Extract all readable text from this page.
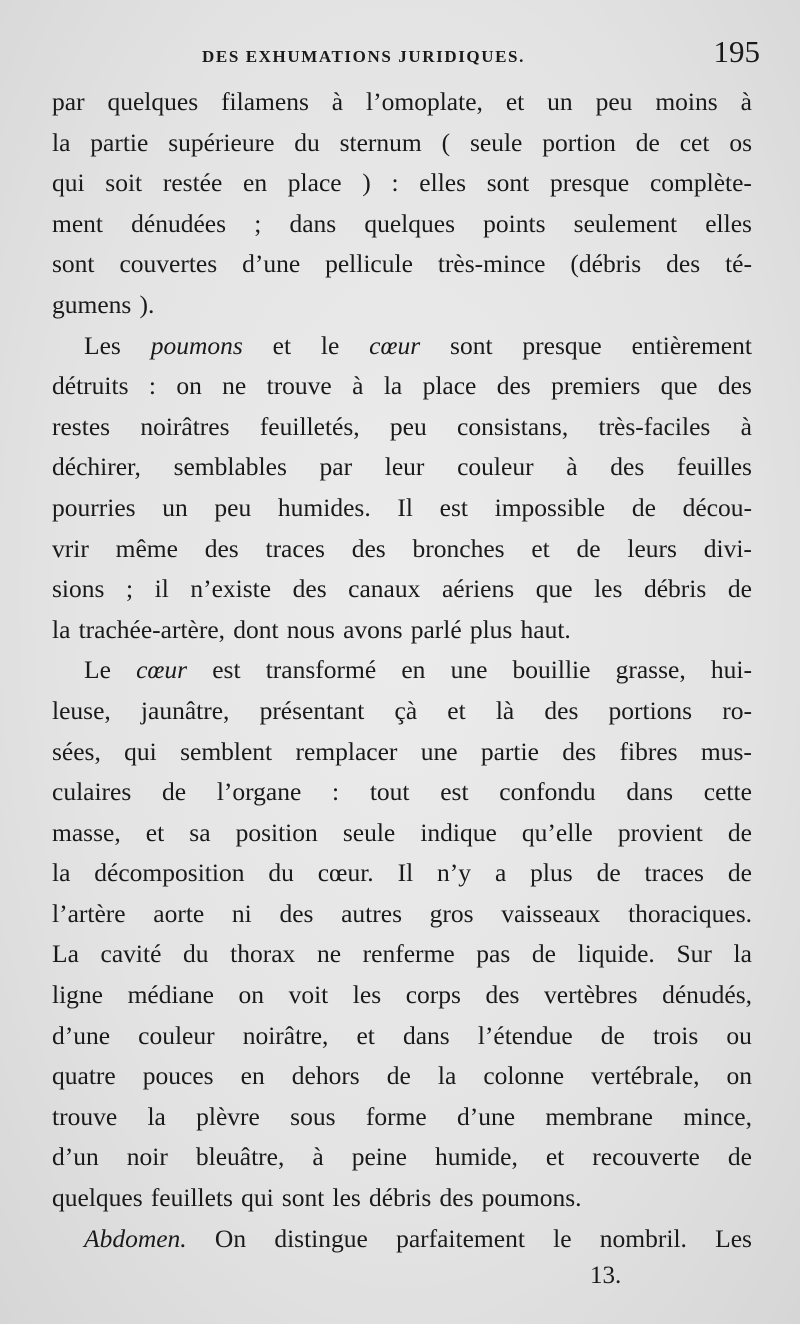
DES EXHUMATIONS JURIDIQUES.	195
par quelques filamens à l’omoplate, et un peu moins à
la partie supérieure du sternum ( seule portion de cet os
qui soit restée en place ) : elles sont presque complète-
ment dénudées ; dans quelques points seulement elles
sont couvertes d’une pellicule très-mince (débris des té-
gumens ).
Les poumons et le cœur sont presque entièrement
détruits : on ne trouve à la place des premiers que des
restes noirâtres feuilletés, peu consistans, très-faciles à
déchirer, semblables par leur couleur à des feuilles
pourries un peu humides. Il est impossible de décou-
vrir même des traces des bronches et de leurs divi-
sions ; il n’existe des canaux aériens que les débris de
la trachée-artère, dont nous avons parlé plus haut.
Le cœur est transformé en une bouillie grasse, hui-
leuse, jaunâtre, présentant çà et là des portions ro-
sées, qui semblent remplacer une partie des fibres mus-
culaires de l’organe : tout est confondu dans cette
masse, et sa position seule indique qu’elle provient de
la décomposition du cœur. Il n’y a plus de traces de
l’artère aorte ni des autres gros vaisseaux thoraciques.
La cavité du thorax ne renferme pas de liquide. Sur la
ligne médiane on voit les corps des vertèbres dénudés,
d’une couleur noirâtre, et dans l’étendue de trois ou
quatre pouces en dehors de la colonne vertébrale, on
trouve la plèvre sous forme d’une membrane mince,
d’un noir bleuâtre, à peine humide, et recouverte de
quelques feuillets qui sont les débris des poumons.
Abdomen. On distingue parfaitement le nombril. Les
13.
